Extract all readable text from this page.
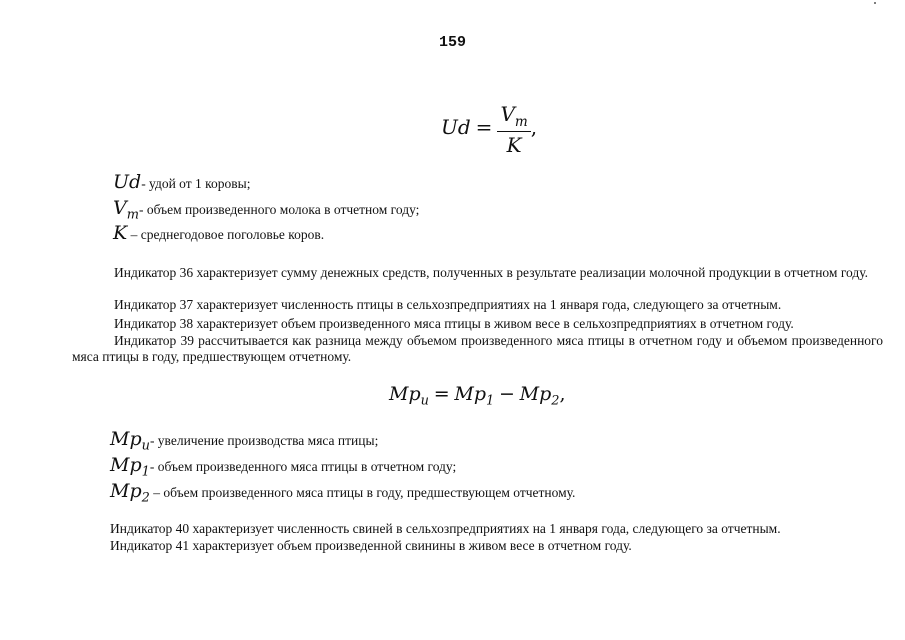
159
$Ud = \frac{V_m}{K}$ ,
Ud- удой от 1 коровы;
$V_m-$ объем произведенного молока в отчетном году;
K – среднегодовое поголовье коров.
Индикатор 36 характеризует сумму денежных средств, полученных в результате реализации молочной продукции в отчетном году.
Индикатор 37 характеризует численность птицы в сельхозпредприятиях на 1 января года, следующего за отчетным.
Индикатор 38 характеризует объем произведенного мяса птицы в живом весе в сельхозпредприятиях в отчетном году.
Индикатор 39 рассчитывается как разница между объемом произведенного мяса птицы в отчетном году и объемом произведенного мяса птицы в году, предшествующем отчетному.
$Mp_u = Mp_1 - Mp_2$,
$Mp_u-$ увеличение производства мяса птицы;
$Mp_1-$ объем произведенного мяса птицы в отчетном году;
$Mp_2$ – объем произведенного мяса птицы в году, предшествующем отчетному.
Индикатор 40 характеризует численность свиней в сельхозпредприятиях на 1 января года, следующего за отчетным.
Индикатор 41 характеризует объем произведенной свинины в живом весе в отчетном году.
